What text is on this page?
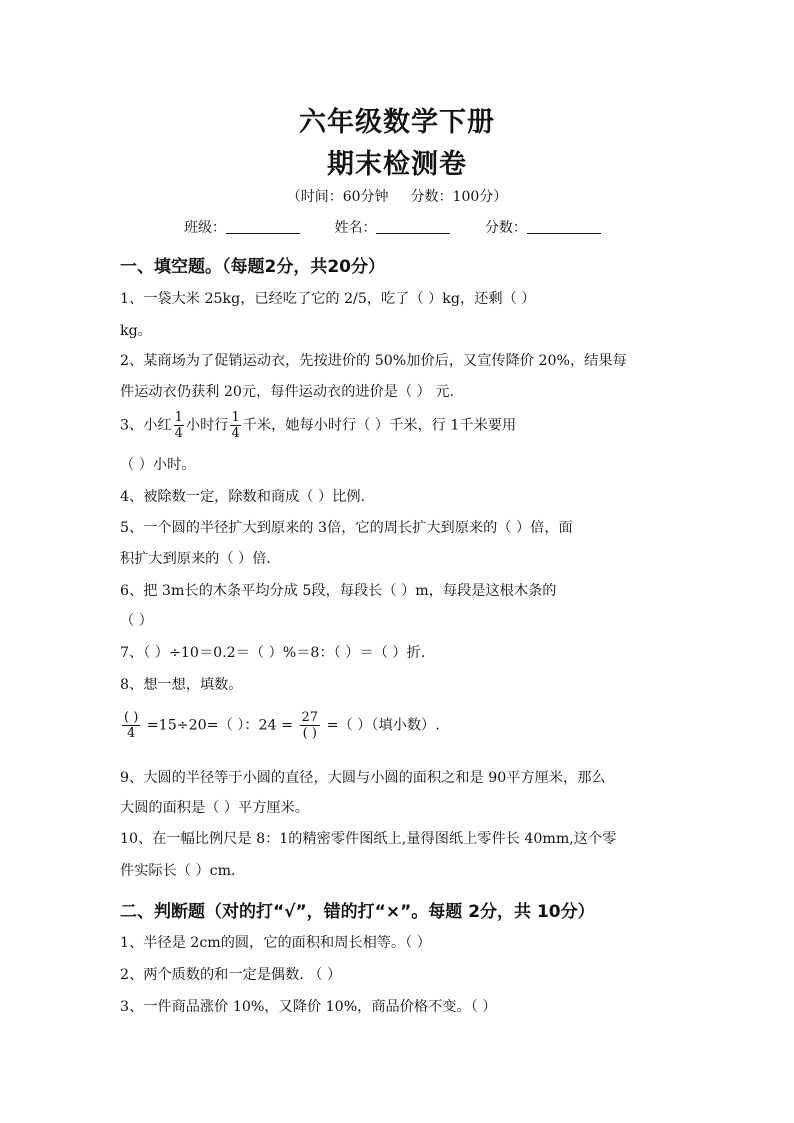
六年级数学下册
期末检测卷
（时间：60分钟 分数：100分）
班级：	姓名：	分数：
一、填空题。（每题2分，共20分）
1、一袋大米 25kg，已经吃了它的 2/5，吃了（ ）kg，还剩（ ）
kg。
2、某商场为了促销运动衣，先按进价的 50%加价后，又宣传降价 20%，结果每
件运动衣仍获利 20元，每件运动衣的进价是（ ） 元.
3、小红 $\frac{1}{4}$ 小时行 $\frac{1}{4}$ 千米，她每小时行（ ）千米，行 1千米要用
（ ）小时。
4、被除数一定，除数和商成（ ）比例.
5、一个圆的半径扩大到原来的 3倍，它的周长扩大到原来的（ ）倍，面
积扩大到原来的（ ）倍.
6、把 3m长的木条平均分成 5段，每段长（ ）m，每段是这根木条的
（ ）
7、（ ）÷10＝0.2＝（ ）%＝8：（ ）＝（ ）折.
8、想一想，填数。
$\frac{( )}{4} =15\div 20=$（ ）：$24 = \frac{27}{( )}$ =（ ）（填小数）.
9、大圆的半径等于小圆的直径，大圆与小圆的面积之和是 90平方厘米，那么
大圆的面积是（ ）平方厘米。
10、在一幅比例尺是 8：1的精密零件图纸上,量得图纸上零件长 40mm,这个零
件实际长（ ）cm.
二、判断题（对的打“√”，错的打“×”。每题 2分，共 10分）
1、半径是 2cm的圆，它的面积和周长相等。（ ）
2、两个质数的和一定是偶数. （ ）
3、一件商品涨价 10%，又降价 10%，商品价格不变。（ ）
